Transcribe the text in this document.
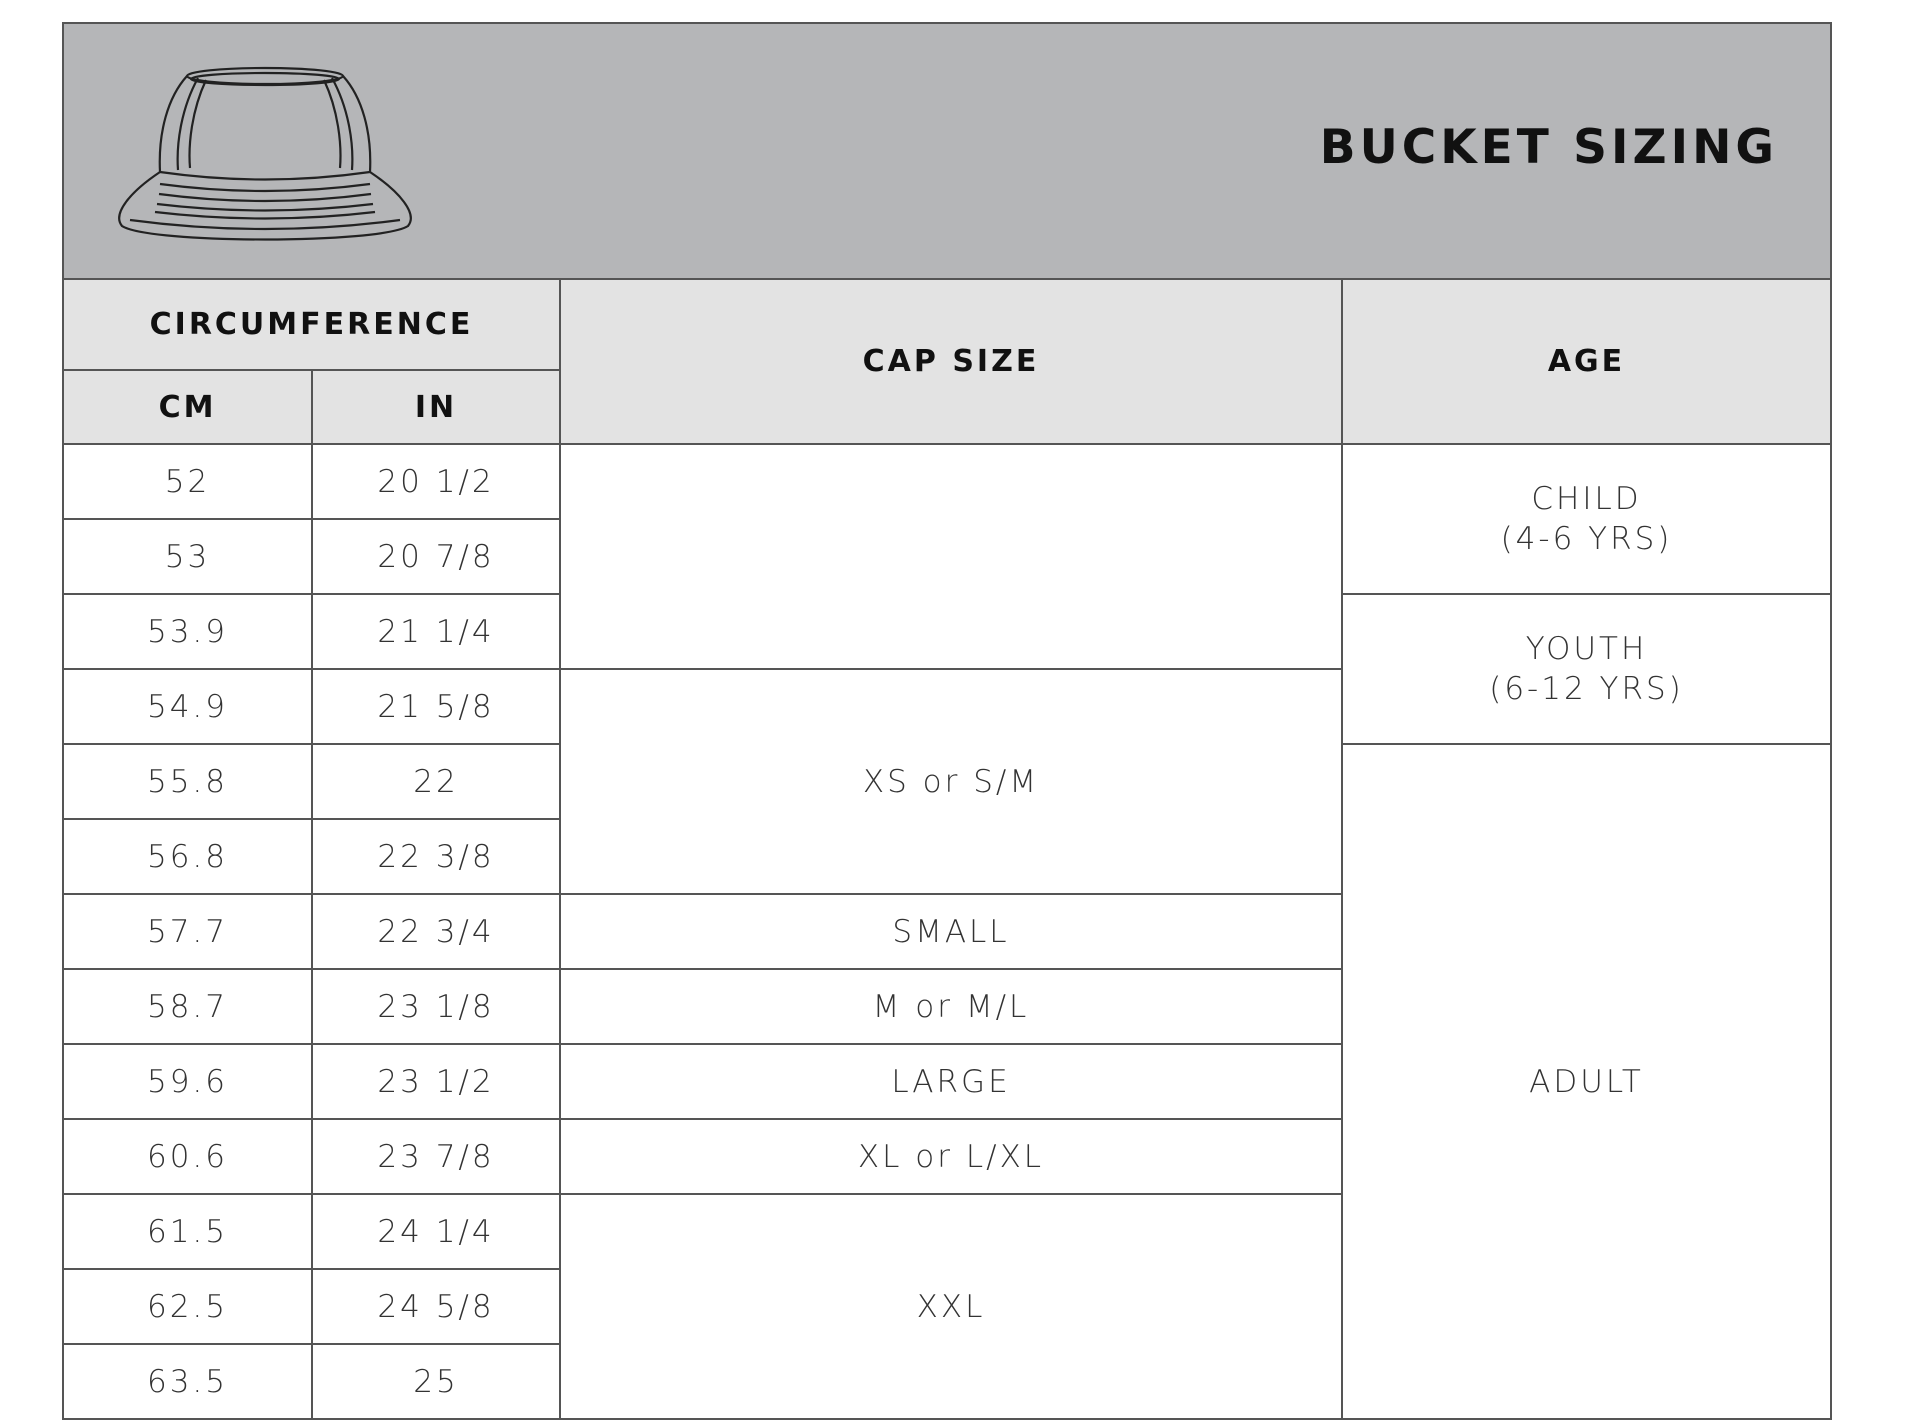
BUCKET SIZING
CIRCUMFERENCE		CAP SIZE	AGE
CM	IN		
52	20 1/2		CHILD
(4-6 YRS)
53	20 7/8		
53.9	21 1/4		YOUTH
(6-12 YRS)
54.9	21 5/8	XS or S/M	
55.8	22		ADULT
56.8	22 3/8		
57.7	22 3/4	SMALL	
58.7	23 1/8	M or M/L	
59.6	23 1/2	LARGE	
60.6	23 7/8	XL or L/XL	
61.5	24 1/4	XXL	
62.5	24 5/8		
63.5	25		
